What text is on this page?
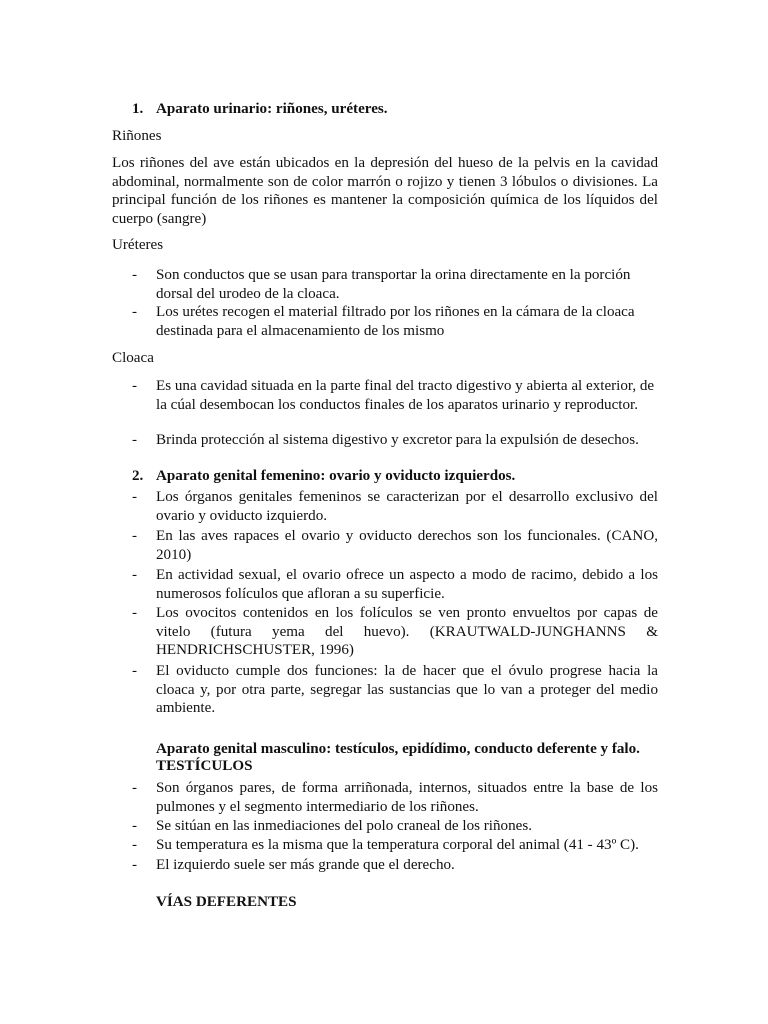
1. Aparato urinario: riñones, uréteres.

Riñones

Los riñones del ave están ubicados en la depresión del hueso de la pelvis en la cavidad abdominal, normalmente son de color marrón o rojizo y tienen 3 lóbulos o divisiones. La principal función de los riñones es mantener la composición química de los líquidos del cuerpo (sangre)

Uréteres

- Son conductos que se usan para transportar la orina directamente en la porción dorsal del urodeo de la cloaca.

- Los urétes recogen el material filtrado por los riñones en la cámara de la cloaca destinada para el almacenamiento de los mismo

Cloaca

- Es una cavidad situada en la parte final del tracto digestivo y abierta al exterior, de la cúal desembocan los conductos finales de los aparatos urinario y reproductor.

- Brinda protección al sistema digestivo y excretor para la expulsión de desechos.

2. Aparato genital femenino: ovario y oviducto izquierdos.
- Los órganos genitales femeninos se caracterizan por el desarrollo exclusivo del ovario y oviducto izquierdo.

- En las aves rapaces el ovario y oviducto derechos son los funcionales. (CANO, 2010)

- En actividad sexual, el ovario ofrece un aspecto a modo de racimo, debido a los numerosos folículos que afloran a su superficie.

- Los ovocitos contenidos en los folículos se ven pronto envueltos por capas de vitelo (futura yema del huevo). (KRAUTWALD-JUNGHANNS & HENDRICHSCHUSTER, 1996)

- El oviducto cumple dos funciones: la de hacer que el óvulo progrese hacia la cloaca y, por otra parte, segregar las sustancias que lo van a proteger del medio ambiente.

Aparato genital masculino: testículos, epidídimo, conducto deferente y falo.

TESTÍCULOS

- Son órganos pares, de forma arriñonada, internos, situados entre la base de los pulmones y el segmento intermediario de los riñones.

- Se sitúan en las inmediaciones del polo craneal de los riñones.

- Su temperatura es la misma que la temperatura corporal del animal (41 - 43º C).

- El izquierdo suele ser más grande que el derecho.

VÍAS DEFERENTES
